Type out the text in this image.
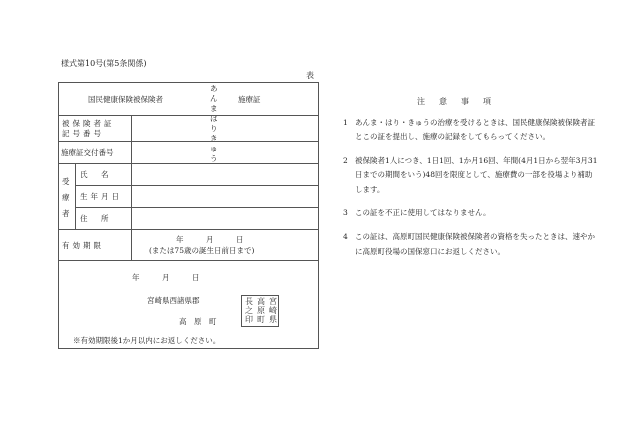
様式第10号(第5条関係)
表
国民健康保険被保険者
あ ん ま
は り
き ゅ う
施療証
被保険者証
記号番号
施療証交付番号
受
療
者
氏　名
生年月日
住　所
有効期限
年　　　月　　　日
(または75歳の誕生日前日まで)
年　　　月　　　日
宮崎県西諸県郡
高　原　町
宮
崎
県
高
原
町
長
之
印
※有効期限後1か月以内にお返しください。
注意事項
1 あんま・はり・きゅうの治療を受けるときは、国民健康保険被保険者証とこの証を提出し、施療の記録をしてもらってください。
2 被保険者1人につき、1日1回、1か月16回、年間(4月1日から翌年3月31日までの期間をいう)48回を限度として、施療費の一部を役場より補助します。
3 この証を不正に使用してはなりません。
4 この証は、高原町国民健康保険被保険者の資格を失ったときは、速やかに高原町役場の国保窓口にお返しください。
